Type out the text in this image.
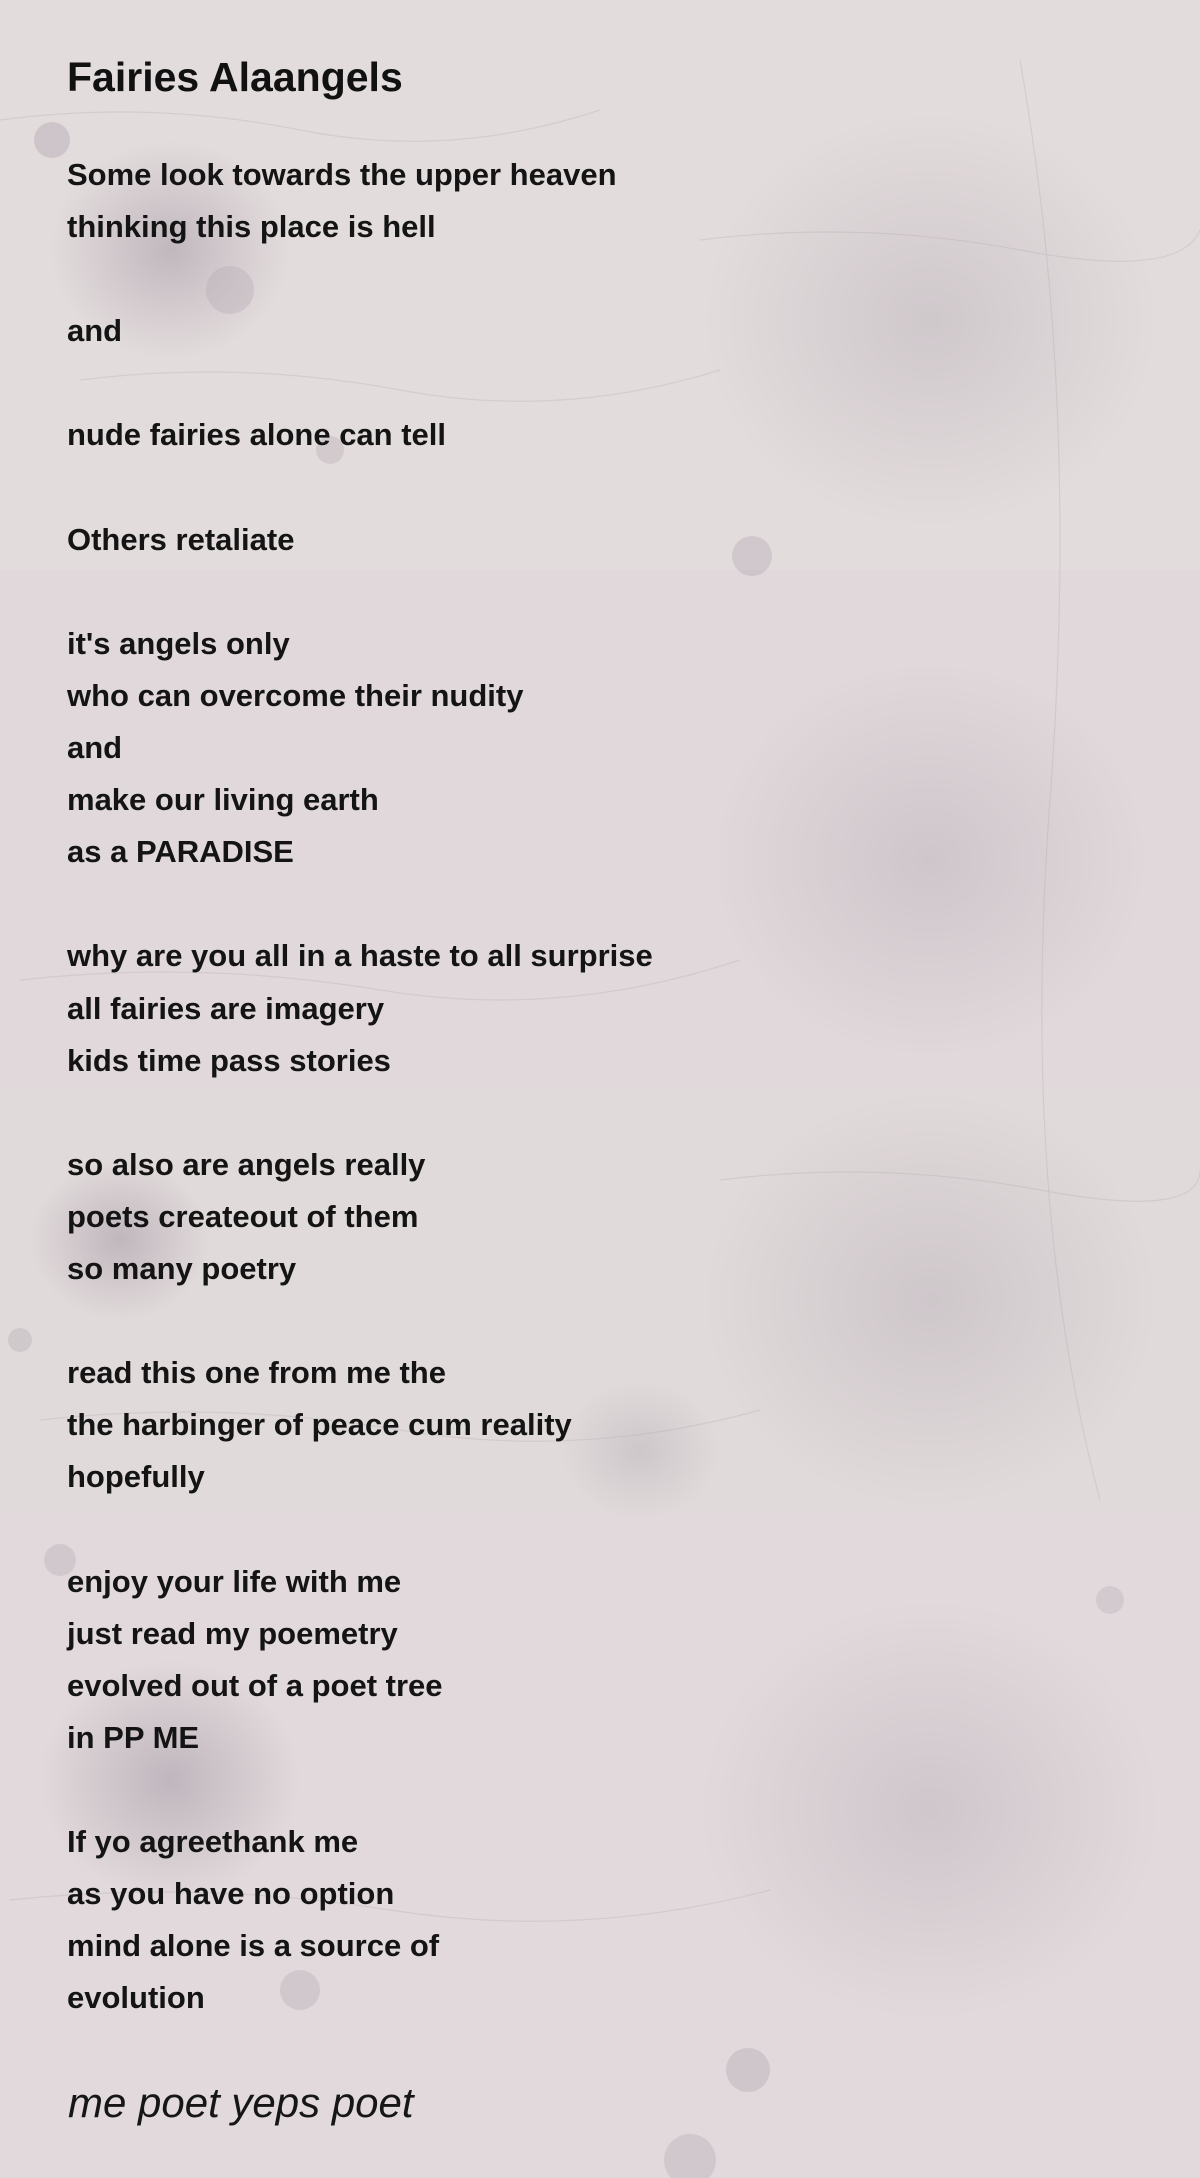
Fairies Alaangels
Some look towards the upper heaven
thinking this place is hell
and
nude fairies alone can tell
Others retaliate
it's angels only
who can overcome their nudity
and
make our living earth
as a PARADISE
why are you all in a haste to all surprise
all fairies are imagery
kids time pass stories
so also are angels really
poets createout of them
so many poetry
read this one from me the
the harbinger of peace cum reality
hopefully
enjoy your life with me
just read my poemetry
evolved out of a poet tree
in PP ME
If yo agreethank me
as you have no option
mind alone is a source of
evolution

me poet yeps poet
